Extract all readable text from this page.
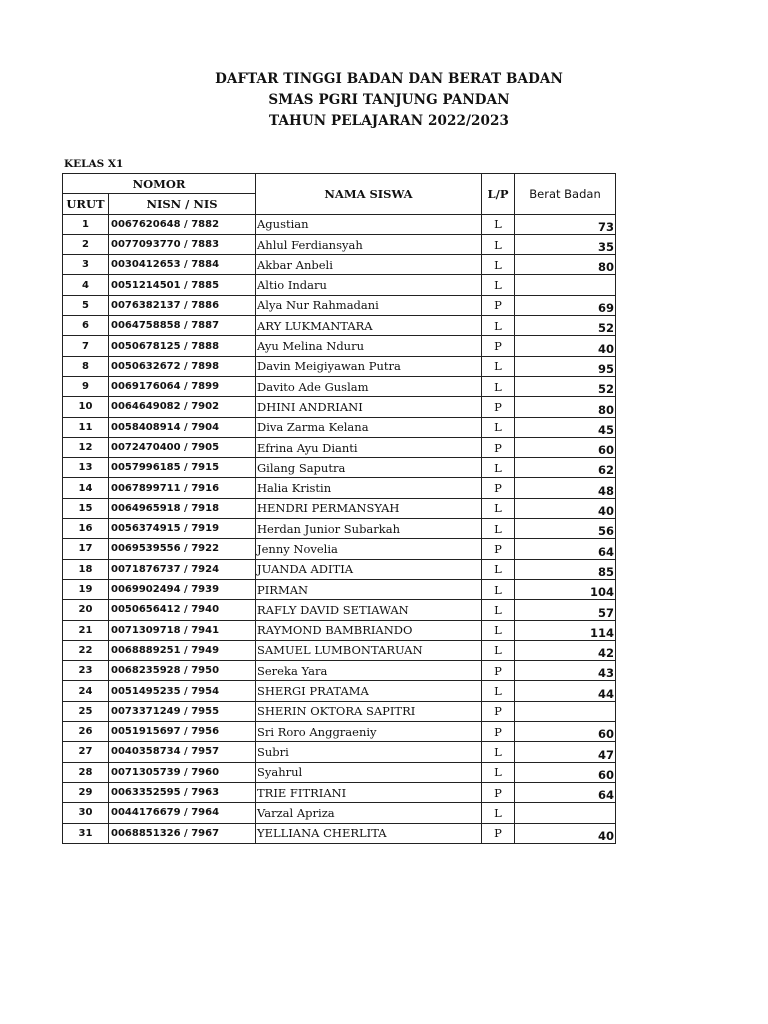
DAFTAR TINGGI BADAN DAN BERAT BADAN
SMAS PGRI TANJUNG PANDAN
TAHUN PELAJARAN 2022/2023
KELAS X1
NOMOR		NAMA SISWA	L/P	Berat Badan
URUT	NISN / NIS			
1	0067620648 / 7882	Agustian	L	73
2	0077093770 / 7883	Ahlul Ferdiansyah	L	35
3	0030412653 / 7884	Akbar Anbeli	L	80
4	0051214501 / 7885	Altio Indaru	L	
5	0076382137 / 7886	Alya Nur Rahmadani	P	69
6	0064758858 / 7887	ARY LUKMANTARA	L	52
7	0050678125 / 7888	Ayu Melina Nduru	P	40
8	0050632672 / 7898	Davin Meigiyawan Putra	L	95
9	0069176064 / 7899	Davito Ade Guslam	L	52
10	0064649082 / 7902	DHINI ANDRIANI	P	80
11	0058408914 / 7904	Diva Zarma Kelana	L	45
12	0072470400 / 7905	Efrina Ayu Dianti	P	60
13	0057996185 / 7915	Gilang Saputra	L	62
14	0067899711 / 7916	Halia Kristin	P	48
15	0064965918 / 7918	HENDRI PERMANSYAH	L	40
16	0056374915 / 7919	Herdan Junior Subarkah	L	56
17	0069539556 / 7922	Jenny Novelia	P	64
18	0071876737 / 7924	JUANDA ADITIA	L	85
19	0069902494 / 7939	PIRMAN	L	104
20	0050656412 / 7940	RAFLY DAVID SETIAWAN	L	57
21	0071309718 / 7941	RAYMOND BAMBRIANDO	L	114
22	0068889251 / 7949	SAMUEL LUMBONTARUAN	L	42
23	0068235928 / 7950	Sereka Yara	P	43
24	0051495235 / 7954	SHERGI PRATAMA	L	44
25	0073371249 / 7955	SHERIN OKTORA SAPITRI	P	
26	0051915697 / 7956	Sri Roro Anggraeniy	P	60
27	0040358734 / 7957	Subri	L	47
28	0071305739 / 7960	Syahrul	L	60
29	0063352595 / 7963	TRIE FITRIANI	P	64
30	0044176679 / 7964	Varzal Apriza	L	
31	0068851326 / 7967	YELLIANA CHERLITA	P	40
